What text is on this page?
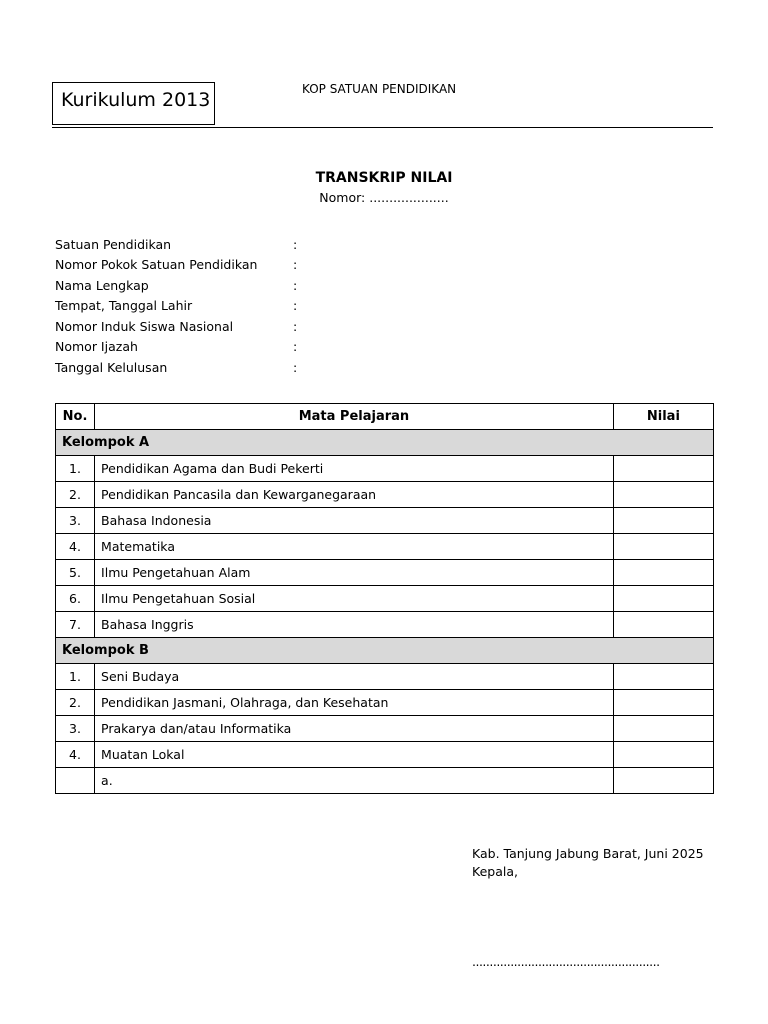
Kurikulum 2013	KOP SATUAN PENDIDIKAN
TRANSKRIP NILAI
Nomor: ....................
Satuan Pendidikan	:
Nomor Pokok Satuan Pendidikan	:
Nama Lengkap	:
Tempat, Tanggal Lahir	:
Nomor Induk Siswa Nasional	:
Nomor Ijazah	:
Tanggal Kelulusan	:
No.	Mata Pelajaran	Nilai
Kelompok A		
1.	Pendidikan Agama dan Budi Pekerti	
2.	Pendidikan Pancasila dan Kewarganegaraan	
3.	Bahasa Indonesia	
4.	Matematika	
5.	Ilmu Pengetahuan Alam	
6.	Ilmu Pengetahuan Sosial	
7.	Bahasa Inggris	
Kelompok B		
1.	Seni Budaya	
2.	Pendidikan Jasmani, Olahraga, dan Kesehatan	
3.	Prakarya dan/atau Informatika	
4.	Muatan Lokal	
	a.	
Kab. Tanjung Jabung Barat, Juni 2025
Kepala,
......................................................
